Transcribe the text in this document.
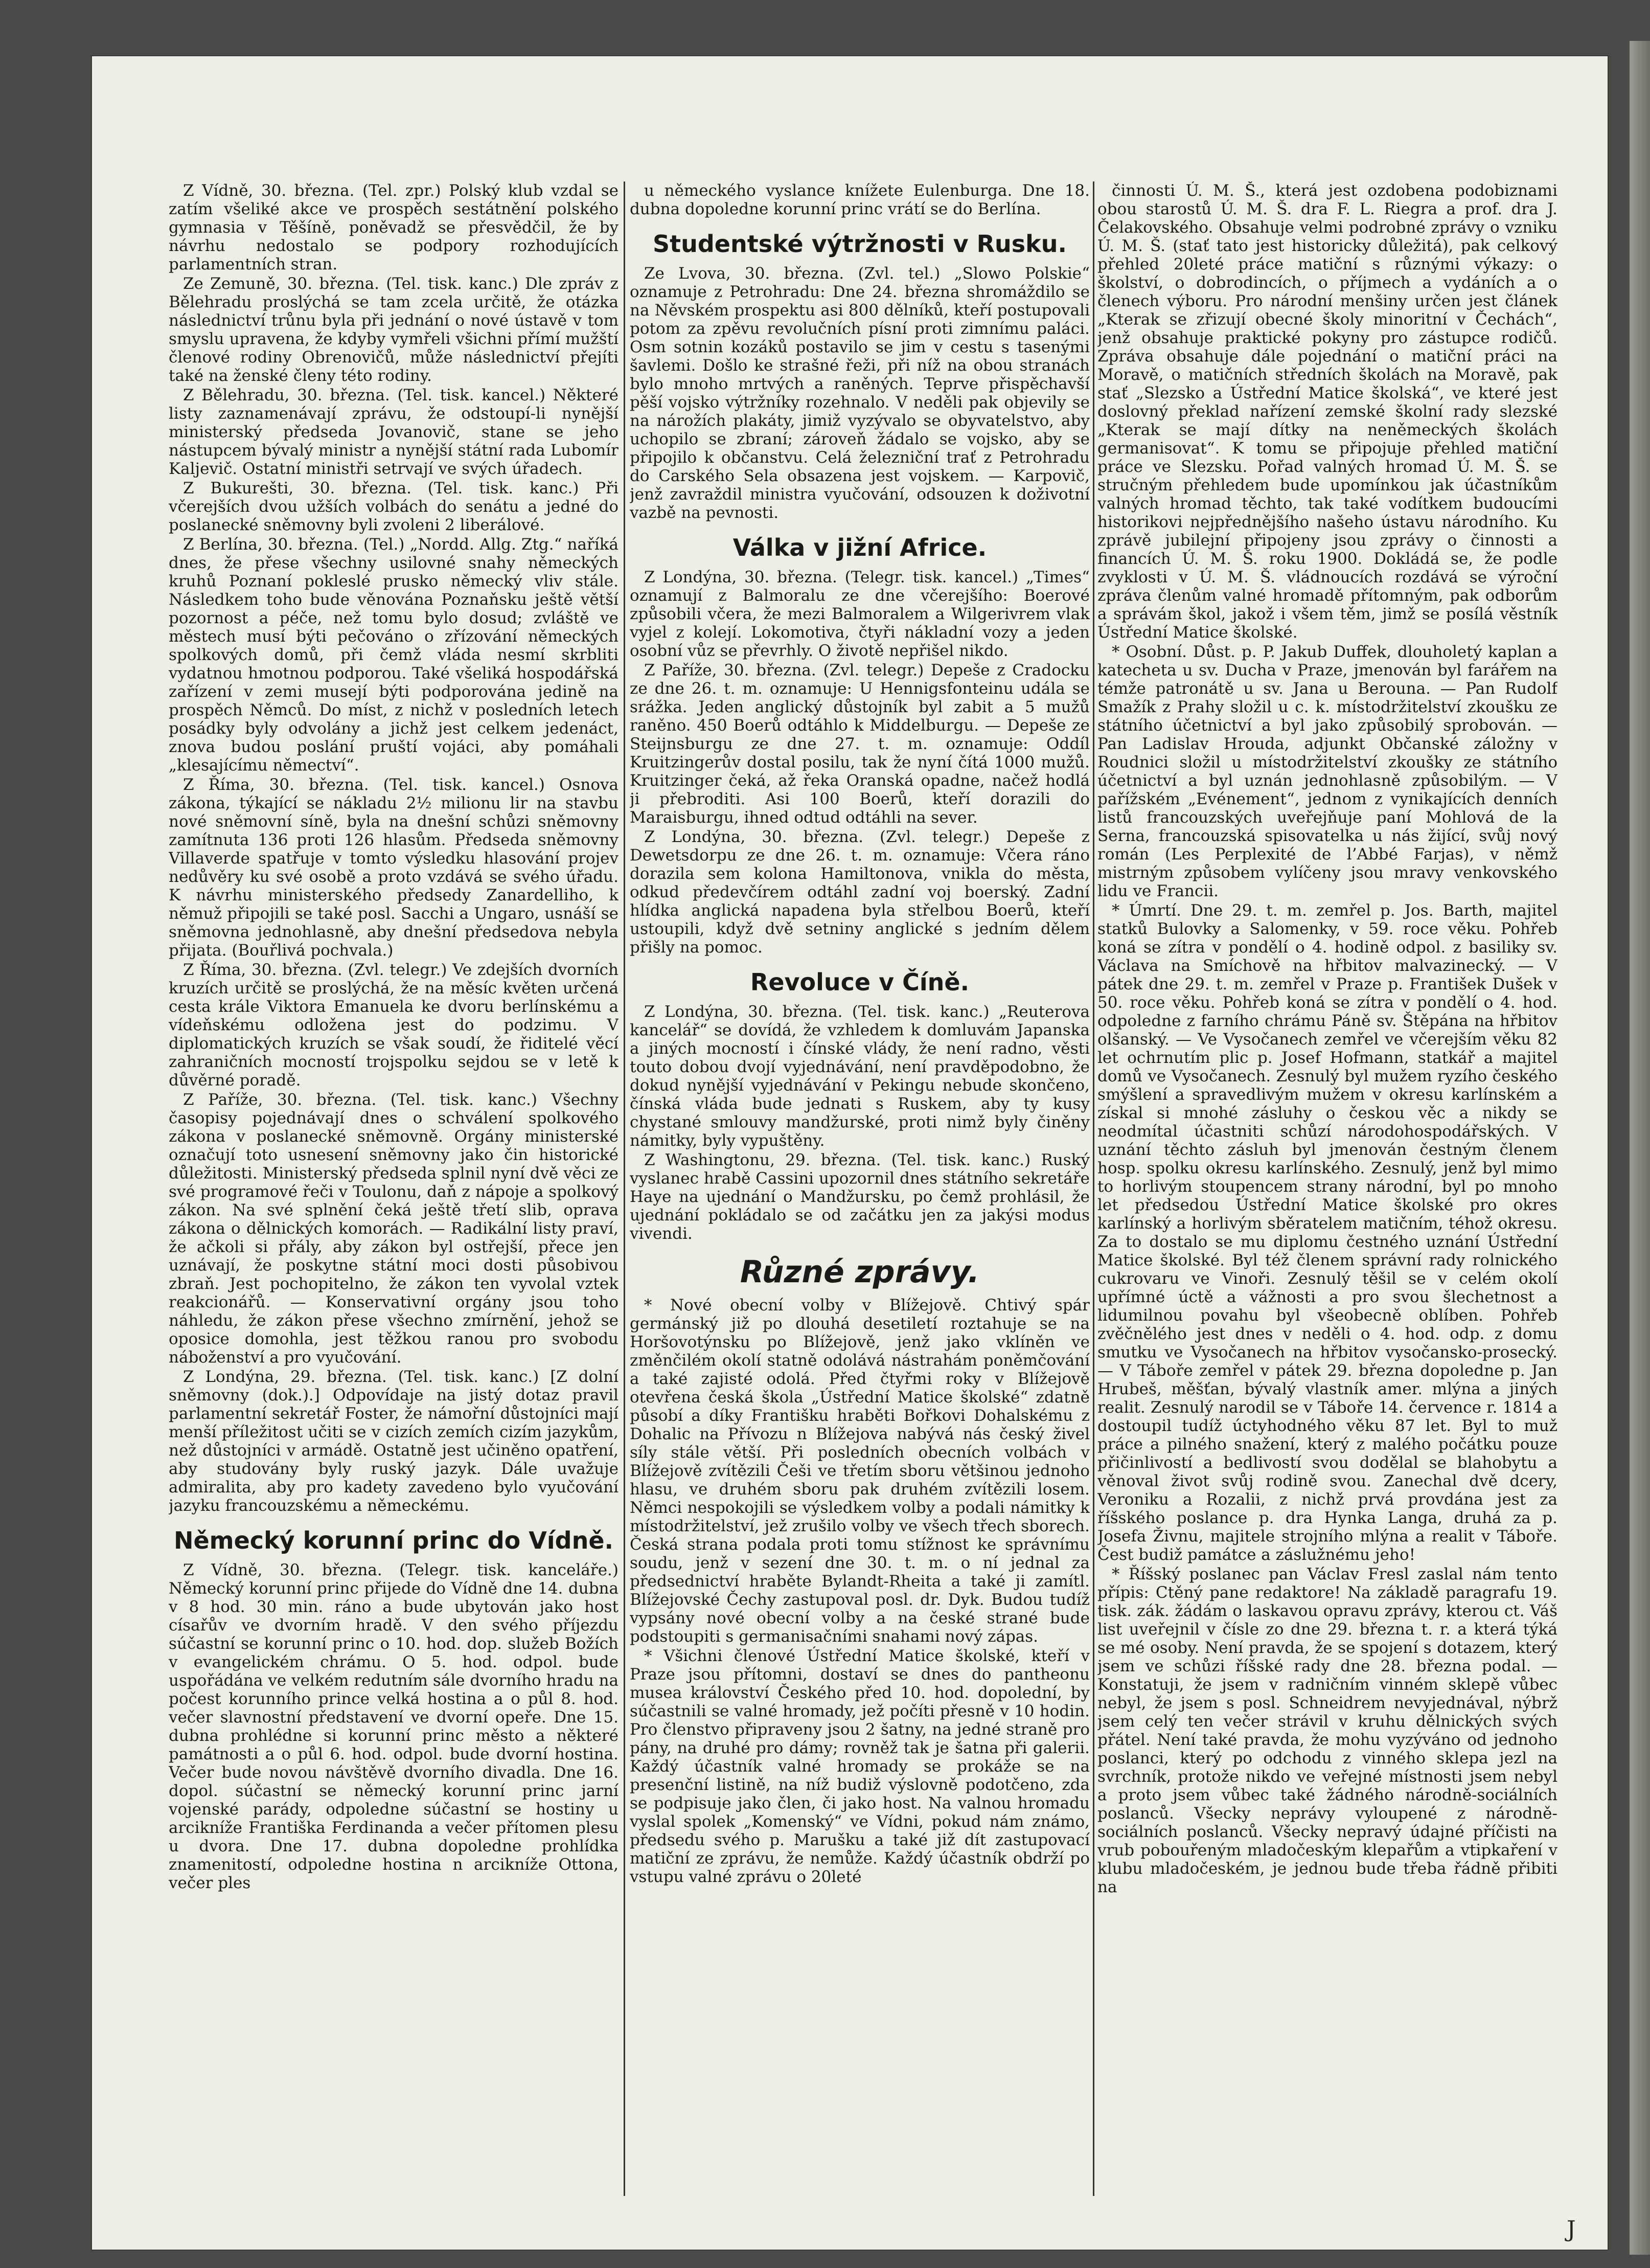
Z Vídně, 30. března. (Tel. zpr.) Polský klub vzdal se zatím všeliké akce ve prospěch sestátnění polského gymnasia v Těšíně, poněvadž se přesvědčil, že by návrhu nedostalo se podpory rozhodujících parlamentních stran.

Ze Zemuně, 30. března. (Tel. tisk. kanc.) Dle zpráv z Bělehradu proslýchá se tam zcela určitě, že otázka následnictví trůnu byla při jednání o nové ústavě v tom smyslu upravena, že kdyby vymřeli všichni přímí mužští členové rodiny Obrenovičů, může následnictví přejíti také na ženské členy této rodiny.

Z Bělehradu, 30. března. (Tel. tisk. kancel.) Některé listy zaznamenávají zprávu, že odstoupí-li nynější ministerský předseda Jovanovič, stane se jeho nástupcem bývalý ministr a nynější státní rada Lubomír Kaljevič. Ostatní ministři setrvají ve svých úřadech.

Z Bukurešti, 30. března. (Tel. tisk. kanc.) Při včerejších dvou užších volbách do senátu a jedné do poslanecké sněmovny byli zvoleni 2 liberálové.

Z Berlína, 30. března. (Tel.) „Nordd. Allg. Ztg.“ naříká dnes, že přese všechny usilovné snahy německých kruhů Poznaní pokleslé prusko německý vliv stále. Následkem toho bude věnována Poznaňsku ještě větší pozornost a péče, než tomu bylo dosud; zvláště ve městech musí býti pečováno o zřízování německých spolkových domů, při čemž vláda nesmí skrbliti vydatnou hmotnou podporou. Také všeliká hospodářská zařízení v zemi musejí býti podporována jedině na prospěch Němců. Do míst, z nichž v posledních letech posádky byly odvolány a jichž jest celkem jedenáct, znova budou poslání pruští vojáci, aby pomáhali „klesajícímu němectví“.

Z Říma, 30. března. (Tel. tisk. kancel.) Osnova zákona, týkající se nákladu 2½ milionu lir na stavbu nové sněmovní síně, byla na dnešní schůzi sněmovny zamítnuta 136 proti 126 hlasům. Předseda sněmovny Villaverde spatřuje v tomto výsledku hlasování projev nedůvěry ku své osobě a proto vzdává se svého úřadu. K návrhu ministerského předsedy Zanardelliho, k němuž připojili se také posl. Sacchi a Ungaro, usnáší se sněmovna jednohlasně, aby dnešní předsedova nebyla přijata. (Bouřlivá pochvala.)

Z Říma, 30. března. (Zvl. telegr.) Ve zdejších dvorních kruzích určitě se proslýchá, že na měsíc květen určená cesta krále Viktora Emanuela ke dvoru berlínskému a vídeňskému odložena jest do podzimu. V diplomatických kruzích se však soudí, že řiditelé věcí zahraničních mocností trojspolku sejdou se v letě k důvěrné poradě.

Z Paříže, 30. března. (Tel. tisk. kanc.) Všechny časopisy pojednávají dnes o schválení spolkového zákona v poslanecké sněmovně. Orgány ministerské označují toto usnesení sněmovny jako čin historické důležitosti. Ministerský předseda splnil nyní dvě věci ze své programové řeči v Toulonu, daň z nápoje a spolkový zákon. Na své splnění čeká ještě třetí slib, oprava zákona o dělnických komorách. — Radikální listy praví, že ačkoli si přály, aby zákon byl ostřejší, přece jen uznávají, že poskytne státní moci dosti působivou zbraň. Jest pochopitelno, že zákon ten vyvolal vztek reakcionářů. — Konservativní orgány jsou toho náhledu, že zákon přese všechno zmírnění, jehož se oposice domohla, jest těžkou ranou pro svobodu náboženství a pro vyučování.

Z Londýna, 29. března. (Tel. tisk. kanc.) [Z dolní sněmovny (dok.).] Odpovídaje na jistý dotaz pravil parlamentní sekretář Foster, že námořní důstojníci mají menší příležitost učiti se v cizích zemích cizím jazykům, než důstojníci v armádě. Ostatně jest učiněno opatření, aby studovány byly ruský jazyk. Dále uvažuje admiralita, aby pro kadety zavedeno bylo vyučování jazyku francouzskému a německému.

Německý korunní princ do Vídně.

Z Vídně, 30. března. (Telegr. tisk. kanceláře.) Německý korunní princ přijede do Vídně dne 14. dubna v 8 hod. 30 min. ráno a bude ubytován jako host císařův ve dvorním hradě. V den svého příjezdu súčastní se korunní princ o 10. hod. dop. služeb Božích v evangelickém chrámu. O 5. hod. odpol. bude uspořádána ve velkém redutním sále dvorního hradu na počest korunního prince velká hostina a o půl 8. hod. večer slavnostní představení ve dvorní opeře. Dne 15. dubna prohlédne si korunní princ město a některé památnosti a o půl 6. hod. odpol. bude dvorní hostina. Večer bude novou návštěvě dvorního divadla. Dne 16. dopol. súčastní se německý korunní princ jarní vojenské parády, odpoledne súčastní se hostiny u arcikníže Františka Ferdinanda a večer přítomen plesu u dvora. Dne 17. dubna dopoledne prohlídka znamenitostí, odpoledne hostina n arcikníže Ottona, večer ples

u německého vyslance knížete Eulenburga. Dne 18. dubna dopoledne korunní princ vrátí se do Berlína.

Studentské výtržnosti v Rusku.

Ze Lvova, 30. března. (Zvl. tel.) „Slowo Polskie“ oznamuje z Petrohradu: Dne 24. března shromáždilo se na Něvském prospektu asi 800 dělníků, kteří postupovali potom za zpěvu revolučních písní proti zimnímu paláci. Osm sotnin kozáků postavilo se jim v cestu s tasenými šavlemi. Došlo ke strašné řeži, při níž na obou stranách bylo mnoho mrtvých a raněných. Teprve přispěchavší pěší vojsko výtržníky rozehnalo. V neděli pak objevily se na nárožích plakáty, jimiž vyzývalo se obyvatelstvo, aby uchopilo se zbraní; zároveň žádalo se vojsko, aby se připojilo k občanstvu. Celá železniční trať z Petrohradu do Carského Sela obsazena jest vojskem. — Karpovič, jenž zavraždil ministra vyučování, odsouzen k doživotní vazbě na pevnosti.

Válka v jižní Africe.

Z Londýna, 30. března. (Telegr. tisk. kancel.) „Times“ oznamují z Balmoralu ze dne včerejšího: Boerové způsobili včera, že mezi Balmoralem a Wilgerivrem vlak vyjel z kolejí. Lokomotiva, čtyři nákladní vozy a jeden osobní vůz se převrhly. O životě nepřišel nikdo.

Z Paříže, 30. března. (Zvl. telegr.) Depeše z Cradocku ze dne 26. t. m. oznamuje: U Hennigsfonteinu udála se srážka. Jeden anglický důstojník byl zabit a 5 mužů raněno. 450 Boerů odtáhlo k Middelburgu. — Depeše ze Steijnsburgu ze dne 27. t. m. oznamuje: Oddíl Kruitzingerův dostal posilu, tak že nyní čítá 1000 mužů. Kruitzinger čeká, až řeka Oranská opadne, načež hodlá ji přebroditi. Asi 100 Boerů, kteří dorazili do Maraisburgu, ihned odtud odtáhli na sever.

Z Londýna, 30. března. (Zvl. telegr.) Depeše z Dewetsdorpu ze dne 26. t. m. oznamuje: Včera ráno dorazila sem kolona Hamiltonova, vnikla do města, odkud předevčírem odtáhl zadní voj boerský. Zadní hlídka anglická napadena byla střelbou Boerů, kteří ustoupili, když dvě setniny anglické s jedním dělem přišly na pomoc.

Revoluce v Číně.

Z Londýna, 30. března. (Tel. tisk. kanc.) „Reuterova kancelář“ se dovídá, že vzhledem k domluvám Japanska a jiných mocností i čínské vlády, že není radno, věsti touto dobou dvojí vyjednávání, není pravděpodobno, že dokud nynější vyjednávání v Pekingu nebude skončeno, čínská vláda bude jednati s Ruskem, aby ty kusy chystané smlouvy mandžurské, proti nimž byly činěny námitky, byly vypuštěny.

Z Washingtonu, 29. března. (Tel. tisk. kanc.) Ruský vyslanec hrabě Cassini upozornil dnes státního sekretáře Haye na ujednání o Mandžursku, po čemž prohlásil, že ujednání pokládalo se od začátku jen za jakýsi modus vivendi.

Různé zprávy.

* Nové obecní volby v Blížejově. Chtivý spár germánský již po dlouhá desetiletí roztahuje se na Horšovotýnsku po Blížejově, jenž jako vklíněn ve změnčilém okolí statně odolává nástrahám poněmčování a také zajisté odolá. Před čtyřmi roky v Blížejově otevřena česká škola „Ústřední Matice školské“ zdatně působí a díky Františku hraběti Bořkovi Dohalskému z Dohalic na Přívozu n Blížejova nabývá nás český živel síly stále větší. Při posledních obecních volbách v Blížejově zvítězili Češi ve třetím sboru většinou jednoho hlasu, ve druhém sboru pak druhém zvítězili losem. Němci nespokojili se výsledkem volby a podali námitky k místodržitelství, jež zrušilo volby ve všech třech sborech. Česká strana podala proti tomu stížnost ke správnímu soudu, jenž v sezení dne 30. t. m. o ní jednal za předsednictví hraběte Bylandt-Rheita a také ji zamítl. Blížejovské Čechy zastupoval posl. dr. Dyk. Budou tudíž vypsány nové obecní volby a na české strané bude podstoupiti s germanisačními snahami nový zápas.

* Všichni členové Ústřední Matice školské, kteří v Praze jsou přítomni, dostaví se dnes do pantheonu musea království Českého před 10. hod. dopolední, by súčastnili se valné hromady, jež počíti přesně v 10 hodin. Pro členstvo připraveny jsou 2 šatny, na jedné straně pro pány, na druhé pro dámy; rovněž tak je šatna při galerii. Každý účastník valné hromady se prokáže se na presenční listině, na níž budiž výslovně podotčeno, zda se podpisuje jako člen, či jako host. Na valnou hromadu vyslal spolek „Komenský“ ve Vídni, pokud nám známo, předsedu svého p. Marušku a také již dít zastupovací matiční ze zprávu, že nemůže. Každý účastník obdrží po vstupu valné zprávu o 20leté

činnosti Ú. M. Š., která jest ozdobena podobiznami obou starostů Ú. M. Š. dra F. L. Riegra a prof. dra J. Čelakovského. Obsahuje velmi podrobné zprávy o vzniku Ú. M. Š. (stať tato jest historicky důležitá), pak celkový přehled 20leté práce matiční s různými výkazy: o školství, o dobrodincích, o příjmech a vydáních a o členech výboru. Pro národní menšiny určen jest článek „Kterak se zřizují obecné školy minoritní v Čechách“, jenž obsahuje praktické pokyny pro zástupce rodičů. Zpráva obsahuje dále pojednání o matiční práci na Moravě, o matičních středních školách na Moravě, pak stať „Slezsko a Ústřední Matice školská“, ve které jest doslovný překlad nařízení zemské školní rady slezské „Kterak se mají dítky na neněmeckých školách germanisovat“. K tomu se připojuje přehled matiční práce ve Slezsku. Pořad valných hromad Ú. M. Š. se stručným přehledem bude upomínkou jak účastníkům valných hromad těchto, tak také vodítkem budoucími historikovi nejpřednějšího našeho ústavu národního. Ku zprávě jubilejní připojeny jsou zprávy o činnosti a financích Ú. M. Š. roku 1900. Dokládá se, že podle zvyklosti v Ú. M. Š. vládnoucích rozdává se výroční zpráva členům valné hromadě přítomným, pak odborům a správám škol, jakož i všem těm, jimž se posílá věstník Ústřední Matice školské.

* Osobní. Důst. p. P. Jakub Duffek, dlouholetý kaplan a katecheta u sv. Ducha v Praze, jmenován byl farářem na témže patronátě u sv. Jana u Berouna. — Pan Rudolf Smažík z Prahy složil u c. k. místodržitelství zkoušku ze státního účetnictví a byl jako způsobilý sprobován. — Pan Ladislav Hrouda, adjunkt Občanské záložny v Roudnici složil u místodržitelství zkoušky ze státního účetnictví a byl uznán jednohlasně způsobilým. — V pařížském „Evénement“, jednom z vynikajících denních listů francouzských uveřejňuje paní Mohlová de la Serna, francouzská spisovatelka u nás žijící, svůj nový román (Les Perplexité de l’Abbé Farjas), v němž mistrným způsobem vylíčeny jsou mravy venkovského lidu ve Francii.

* Úmrtí. Dne 29. t. m. zemřel p. Jos. Barth, majitel statků Bulovky a Salomenky, v 59. roce věku. Pohřeb koná se zítra v pondělí o 4. hodině odpol. z basiliky sv. Václava na Smíchově na hřbitov malvazinecký. — V pátek dne 29. t. m. zemřel v Praze p. František Dušek v 50. roce věku. Pohřeb koná se zítra v pondělí o 4. hod. odpoledne z farního chrámu Páně sv. Štěpána na hřbitov olšanský. — Ve Vysočanech zemřel ve včerejším věku 82 let ochrnutím plic p. Josef Hofmann, statkář a majitel domů ve Vysočanech. Zesnulý byl mužem ryzího českého smýšlení a spravedlivým mužem v okresu karlínském a získal si mnohé zásluhy o českou věc a nikdy se neodmítal účastniti schůzí národohospodářských. V uznání těchto zásluh byl jmenován čestným členem hosp. spolku okresu karlínského. Zesnulý, jenž byl mimo to horlivým stoupencem strany národní, byl po mnoho let předsedou Ústřední Matice školské pro okres karlínský a horlivým sběratelem matičním, téhož okresu. Za to dostalo se mu diplomu čestného uznání Ústřední Matice školské. Byl též členem správní rady rolnického cukrovaru ve Vinoři. Zesnulý těšil se v celém okolí upřímné úctě a vážnosti a pro svou šlechetnost a lidumilnou povahu byl všeobecně oblíben. Pohřeb zvěčnělého jest dnes v neděli o 4. hod. odp. z domu smutku ve Vysočanech na hřbitov vysočansko-prosecký. — V Táboře zemřel v pátek 29. března dopoledne p. Jan Hrubeš, měšťan, bývalý vlastník amer. mlýna a jiných realit. Zesnulý narodil se v Táboře 14. července r. 1814 a dostoupil tudíž úctyhodného věku 87 let. Byl to muž práce a pilného snažení, který z malého počátku pouze přičinlivostí a bedlivostí svou dodělal se blahobytu a věnoval život svůj rodině svou. Zanechal dvě dcery, Veroniku a Rozalii, z nichž prvá provdána jest za říšského poslance p. dra Hynka Langa, druhá za p. Josefa Živnu, majitele strojního mlýna a realit v Táboře. Čest budiž památce a záslužnému jeho!

* Říšský poslanec pan Václav Fresl zaslal nám tento přípis: Ctěný pane redaktore! Na základě paragrafu 19. tisk. zák. žádám o laskavou opravu zprávy, kterou ct. Váš list uveřejnil v čísle zo dne 29. března t. r. a která týká se mé osoby. Není pravda, že se spojení s dotazem, který jsem ve schůzi říšské rady dne 28. března podal. — Konstatuji, že jsem v radničním vinném sklepě vůbec nebyl, že jsem s posl. Schneidrem nevyjednával, nýbrž jsem celý ten večer strávil v kruhu dělnických svých přátel. Není také pravda, že mohu vyzýváno od jednoho poslanci, který po odchodu z vinného sklepa jezl na svrchník, protože nikdo ve veřejné místnosti jsem nebyl a proto jsem vůbec také žádného národně-sociálních poslanců. Všecky neprávy vyloupené z národně-sociálních poslanců. Všecky nepravý údajné příčisti na vrub pobouřeným mladočeským klepařům a vtipkaření v klubu mladočeském, je jednou bude třeba řádně přibiti na

J
